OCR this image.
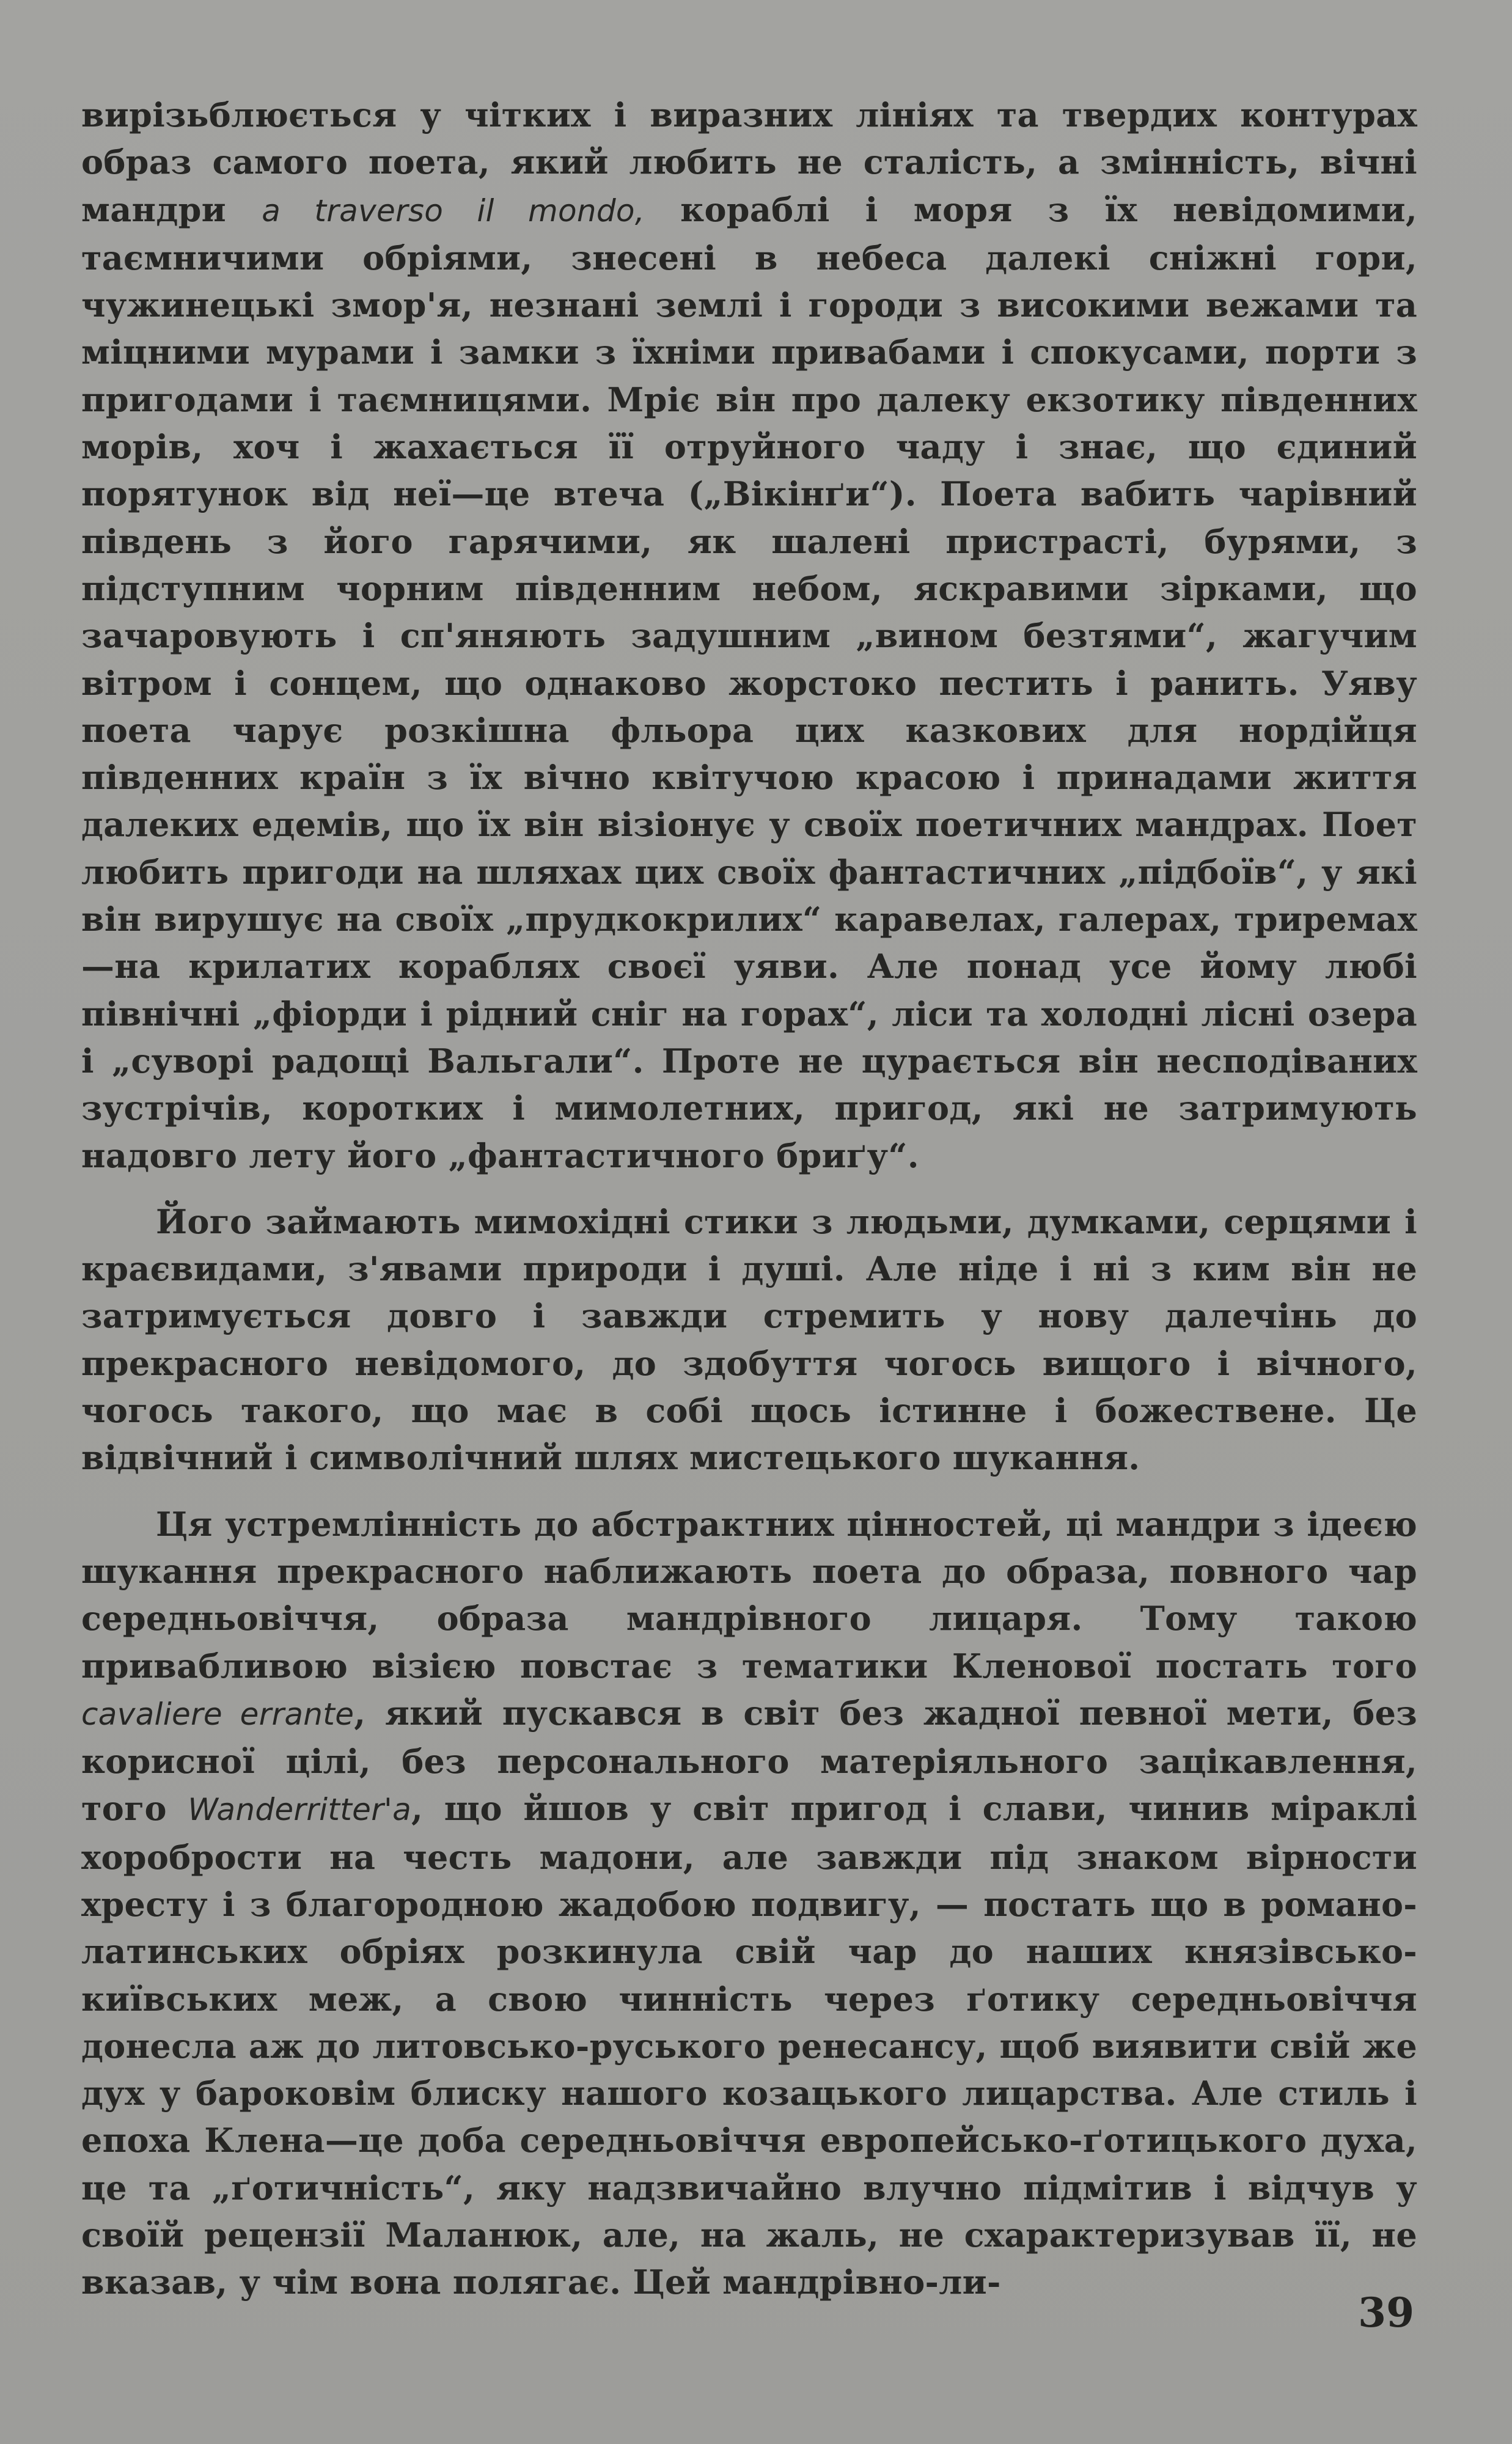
вирізьблюється у чітких і виразних лініях та твердих контурах образ самого поета, який любить не сталість, а змінність, вічні мандри a traverso il mondo, кораблі і моря з їх невідомими, таємничими обріями, знесені в небеса далекі сніжні гори, чужинецькі змор'я, незнані землі і городи з високими вежами та міцними мурами і замки з їхніми привабами і спокусами, порти з пригодами і таємницями. Мріє він про далеку екзотику південних морів, хоч і жахається її отруйного чаду і знає, що єдиний порятунок від неї—це втеча („Вікінґи“). Поета вабить чарівний південь з його гарячими, як шалені пристрасті, бурями, з підступним чорним південним небом, яскравими зірками, що зачаровують і сп'яняють задушним „вином безтями“, жагучим вітром і сонцем, що однаково жорстоко пестить і ранить. Уяву поета чарує розкішна фльора цих казкових для нордійця південних країн з їх вічно квітучою красою і принадами життя далеких едемів, що їх він візіонує у своїх поетичних мандрах. Поет любить пригоди на шляхах цих своїх фантастичних „підбоїв“, у які він вирушує на своїх „прудкокрилих“ каравелах, галерах, триремах—на крилатих кораблях своєї уяви. Але понад усе йому любі північні „фіорди і рідний сніг на горах“, ліси та холодні лісні озера і „суворі радощі Вальгали“. Проте не цурається він несподіваних зустрічів, коротких і мимолетних, пригод, які не затримують надовго лету його „фантастичного бриґу“.

Його займають мимохідні стики з людьми, думками, серцями і краєвидами, з'явами природи і душі. Але ніде і ні з ким він не затримується довго і завжди стремить у нову далечінь до прекрасного невідомого, до здобуття чогось вищого і вічного, чогось такого, що має в собі щось істинне і божествене. Це відвічний і символічний шлях мистецького шукання.

Ця устремлінність до абстрактних цінностей, ці мандри з ідеєю шукання прекрасного наближають поета до образа, повного чар середньовіччя, образа мандрівного лицаря. Тому такою привабливою візією повстає з тематики Кленової постать того cavaliere errante, який пускався в світ без жадної певної мети, без корисної цілі, без персонального матеріяльного зацікавлення, того Wanderritter'а, що йшов у світ пригод і слави, чинив міраклі хоробрости на честь мадони, але завжди під знаком вірности хресту і з благородною жадобою подвигу, — постать що в романо-латинських обріях розкинула свій чар до наших князівсько-київських меж, а свою чинність через ґотику середньовіччя донесла аж до литовсько-руського ренесансу, щоб виявити свій же дух у бароковім блиску нашого козацького лицарства. Але стиль і епоха Клена—це доба середньовіччя европейсько-ґотицького духа, це та „ґотичність“, яку надзвичайно влучно підмітив і відчув у своїй рецензії Маланюк, але, на жаль, не схарактеризував її, не вказав, у чім вона полягає. Цей мандрівно-ли-

39
